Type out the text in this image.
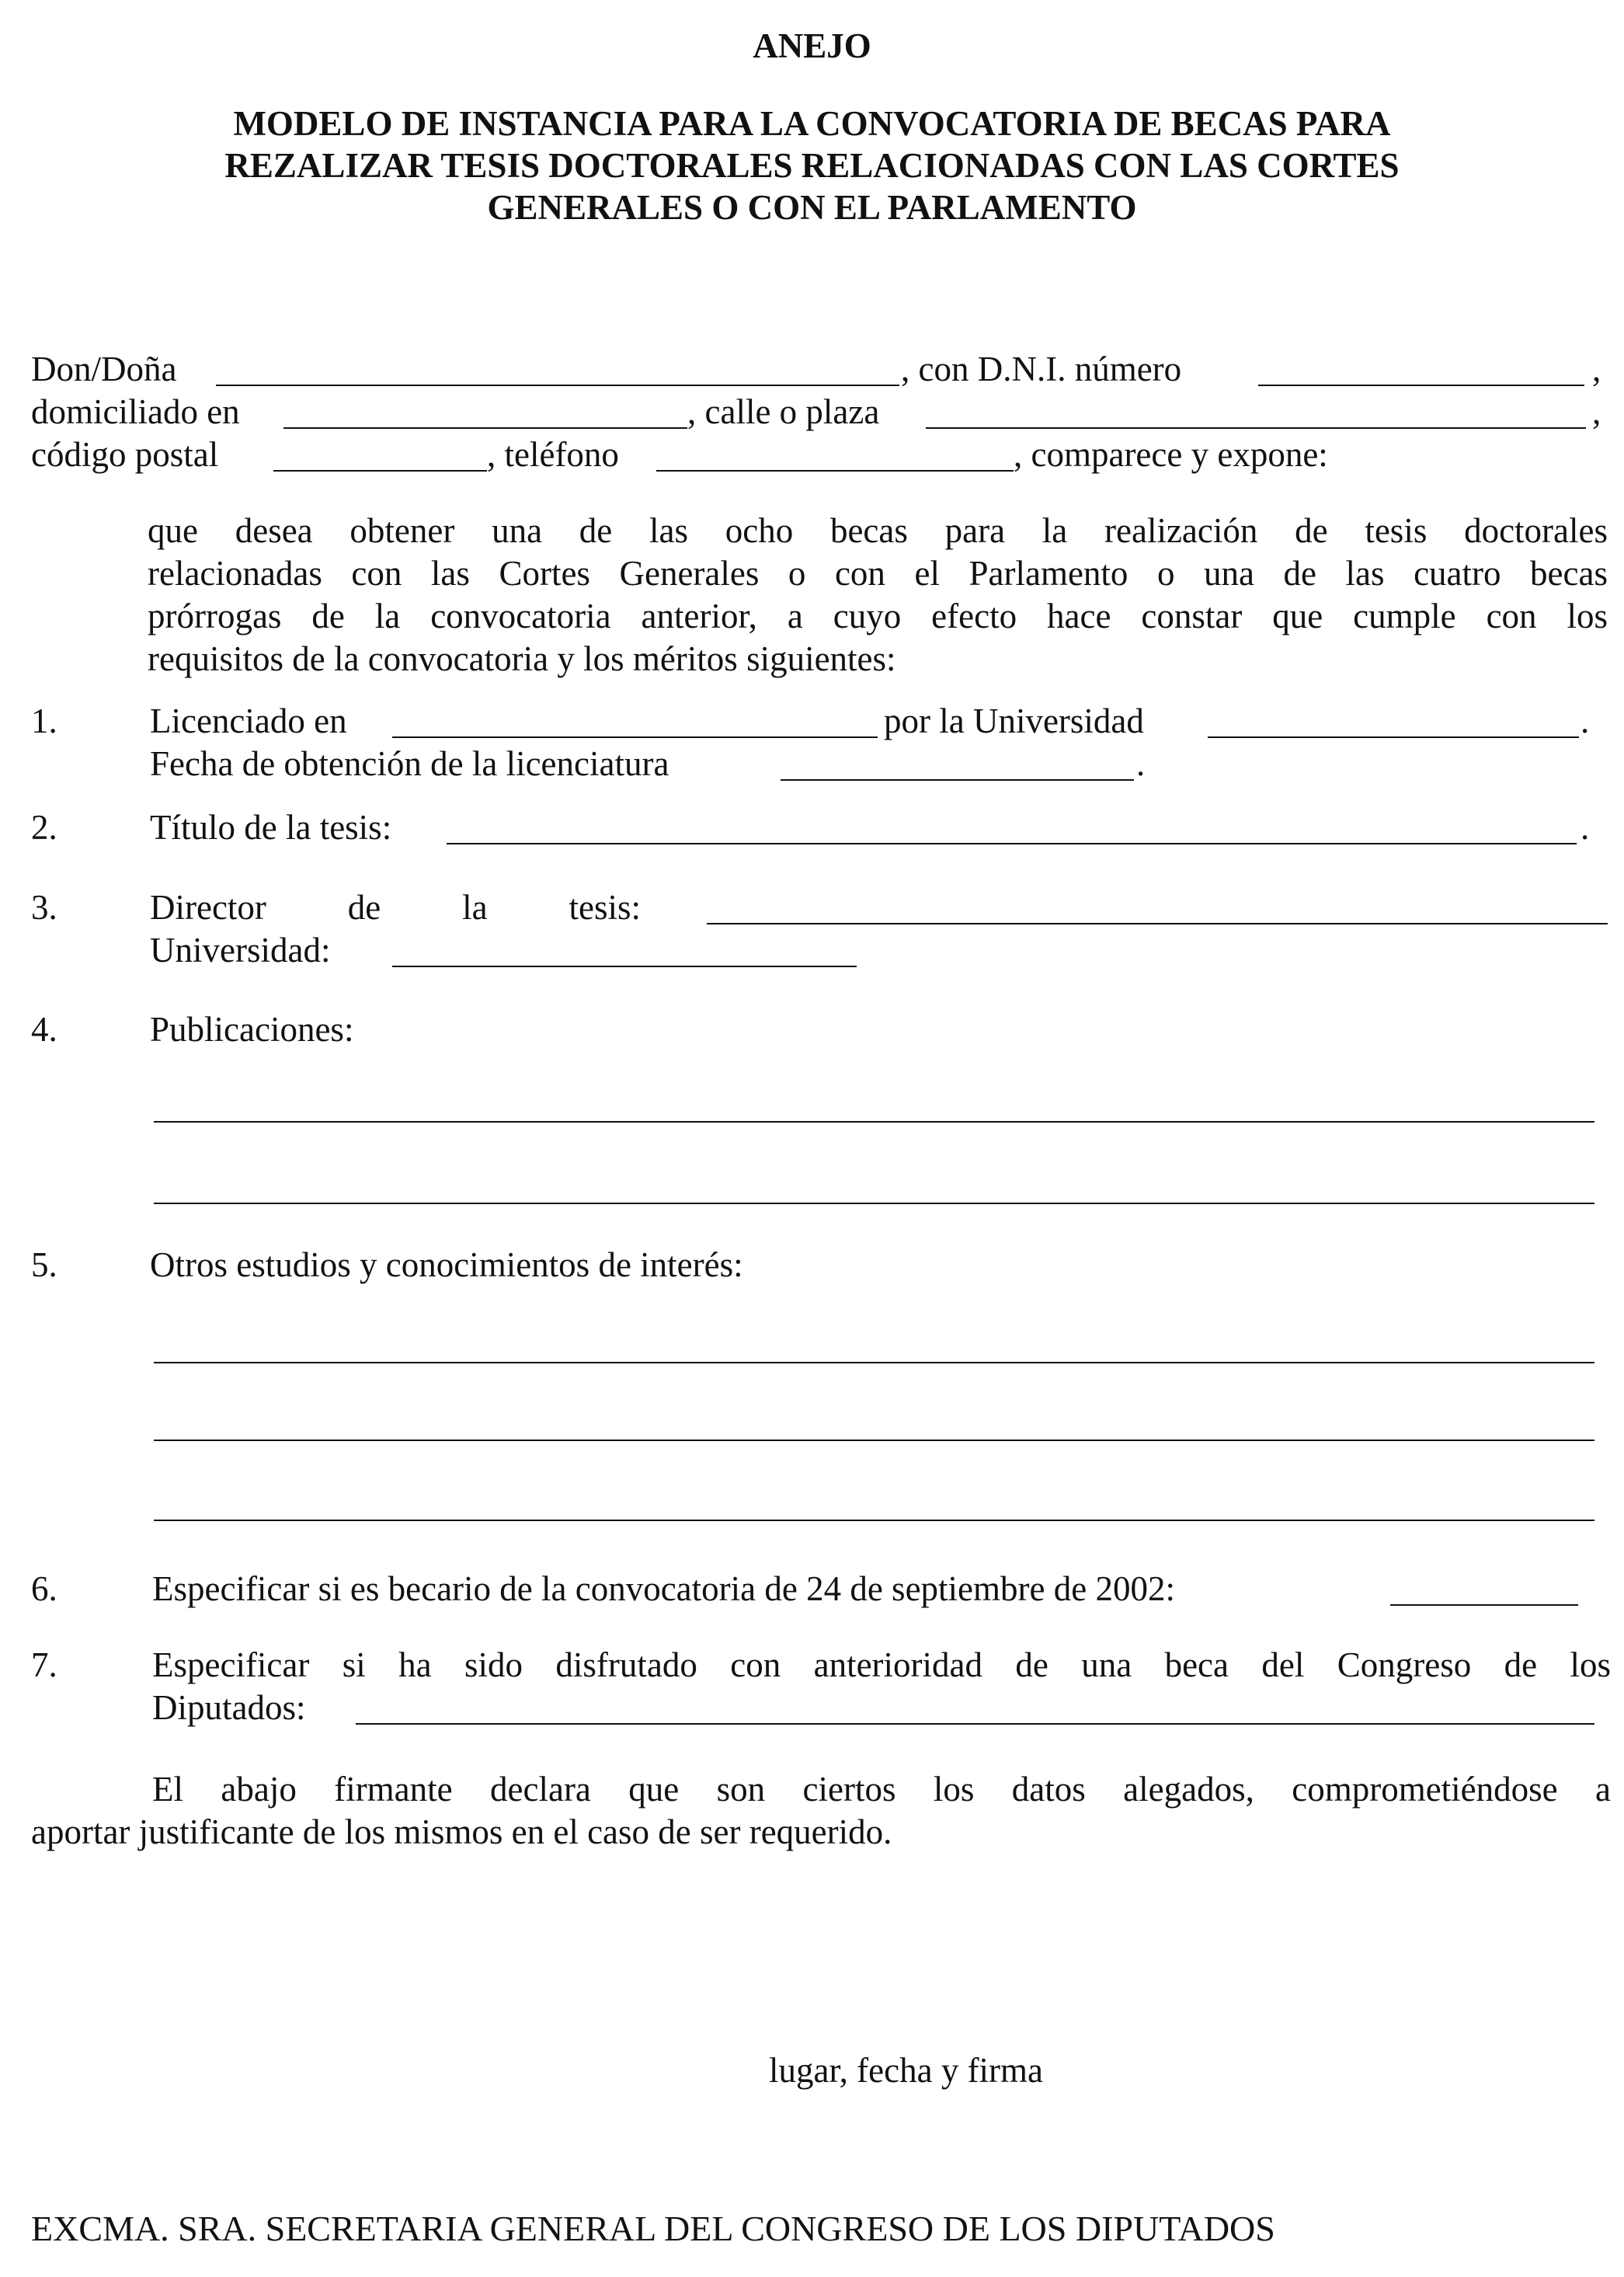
ANEJO
MODELO DE INSTANCIA PARA LA CONVOCATORIA DE BECAS PARA
REZALIZAR TESIS DOCTORALES RELACIONADAS CON LAS CORTES
GENERALES O CON EL PARLAMENTO
Don/Doña	, con D.N.I. número	,
domiciliado en	, calle o plaza	,
código postal	, teléfono	, comparece y expone:
que desea obtener una de las ocho becas para la realización de tesis doctorales
relacionadas con las Cortes Generales o con el Parlamento o una de las cuatro becas
prórrogas de la convocatoria anterior, a cuyo efecto hace constar que cumple con los
requisitos de la convocatoria y los méritos siguientes:
1.	Licenciado en	por la Universidad	.
Fecha de obtención de la licenciatura	.
2.	Título de la tesis:	.
3.	Director de la tesis:
Universidad:
4.	Publicaciones:
5.	Otros estudios y conocimientos de interés:
6.	Especificar si es becario de la convocatoria de 24 de septiembre de 2002:
7.	Especificar si ha sido disfrutado con anterioridad de una beca del Congreso de los
Diputados:
El abajo firmante declara que son ciertos los datos alegados, comprometiéndose a
aportar justificante de los mismos en el caso de ser requerido.
lugar, fecha y firma
EXCMA. SRA. SECRETARIA GENERAL DEL CONGRESO DE LOS DIPUTADOS
